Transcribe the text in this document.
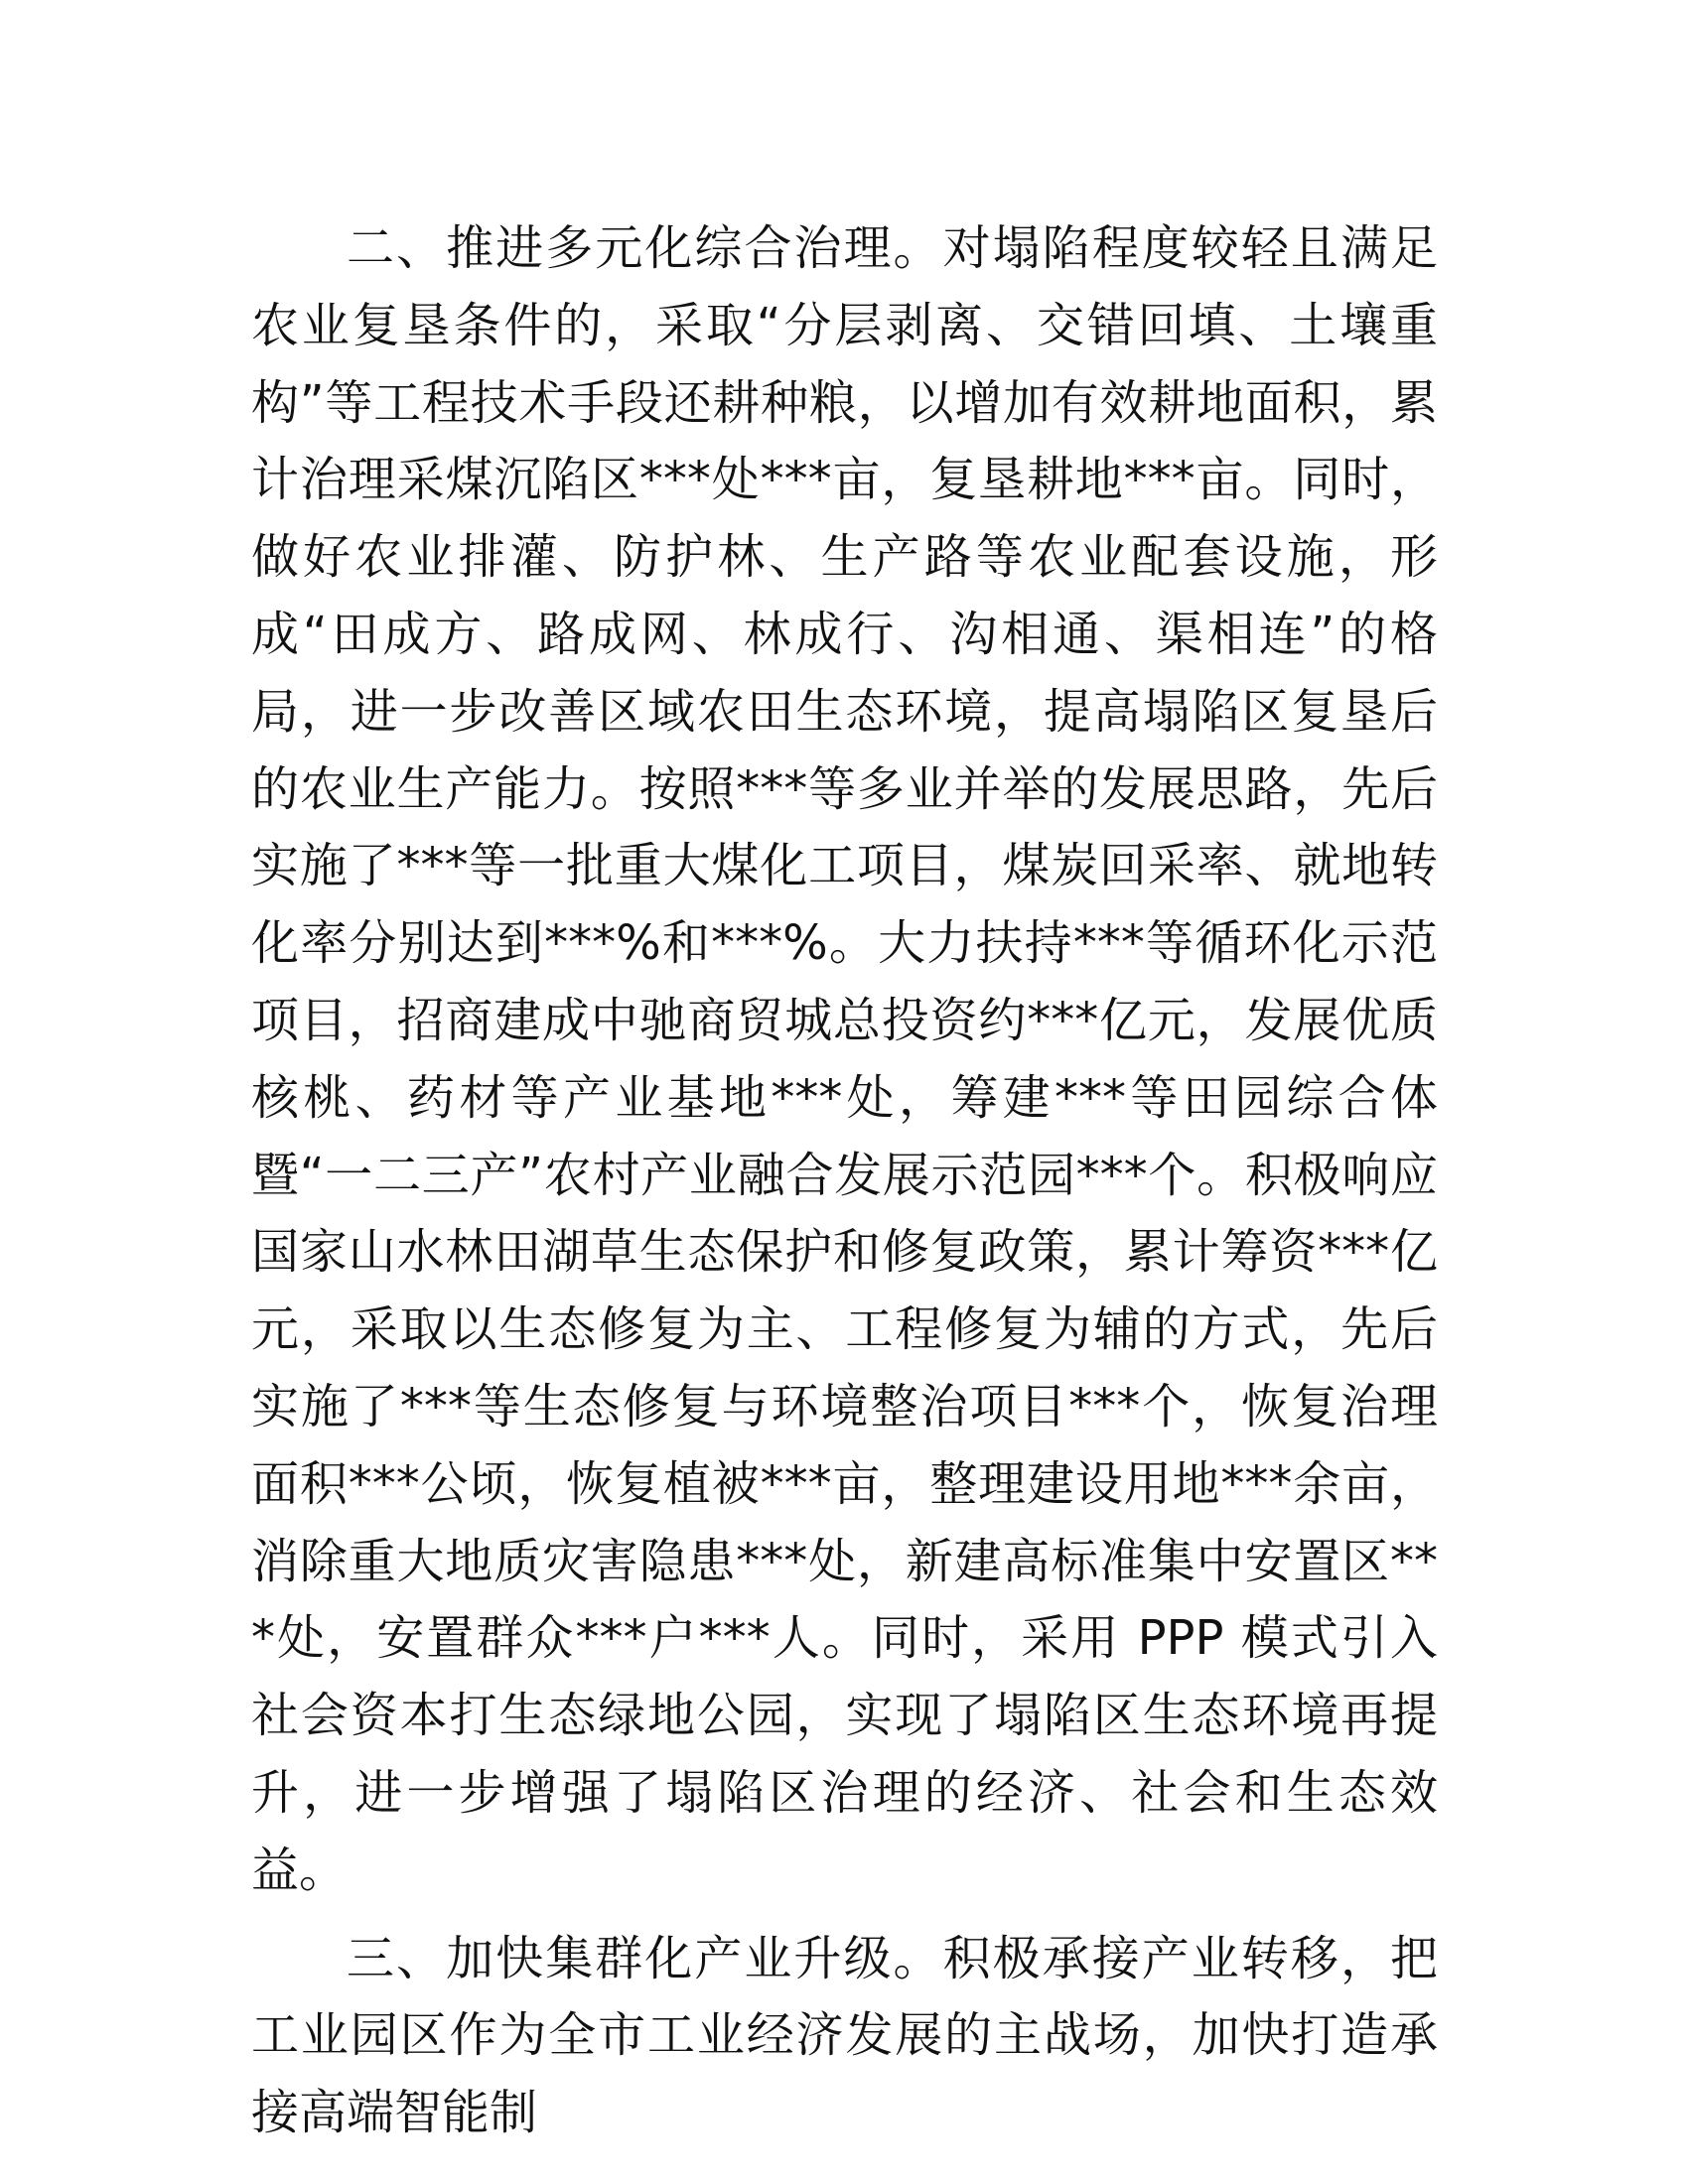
二、推进多元化综合治理。对塌陷程度较轻且满足农业复垦条件的，采取“分层剥离、交错回填、土壤重构”等工程技术手段还耕种粮，以增加有效耕地面积，累计治理采煤沉陷区***处***亩，复垦耕地***亩。同时，做好农业排灌、防护林、生产路等农业配套设施，形成“田成方、路成网、林成行、沟相通、渠相连”的格局，进一步改善区域农田生态环境，提高塌陷区复垦后的农业生产能力。按照***等多业并举的发展思路，先后实施了***等一批重大煤化工项目，煤炭回采率、就地转化率分别达到***%和***%。大力扶持***等循环化示范项目，招商建成中驰商贸城总投资约***亿元，发展优质核桃、药材等产业基地***处，筹建***等田园综合体暨“一二三产”农村产业融合发展示范园***个。积极响应国家山水林田湖草生态保护和修复政策，累计筹资***亿元，采取以生态修复为主、工程修复为辅的方式，先后实施了***等生态修复与环境整治项目***个，恢复治理面积***公顷，恢复植被***亩，整理建设用地***余亩，消除重大地质灾害隐患***处，新建高标准集中安置区***处，安置群众***户***人。同时，采用 PPP 模式引入社会资本打生态绿地公园，实现了塌陷区生态环境再提升，进一步增强了塌陷区治理的经济、社会和生态效益。

三、加快集群化产业升级。积极承接产业转移，把工业园区作为全市工业经济发展的主战场，加快打造承接高端智能制
